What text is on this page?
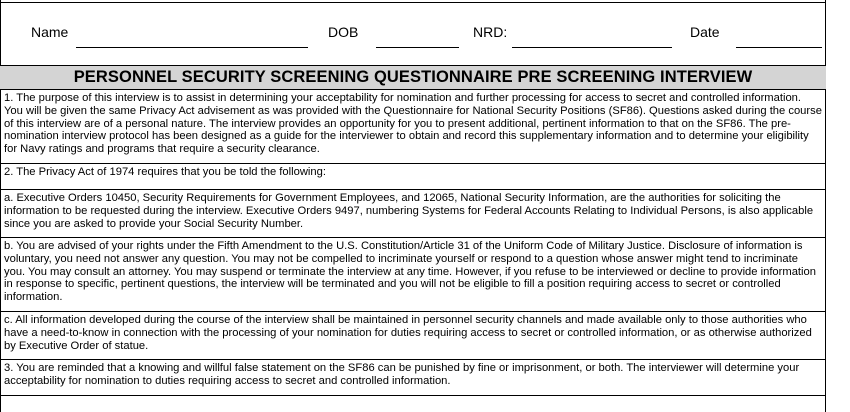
Name	DOB	NRD:	Date
PERSONNEL SECURITY SCREENING QUESTIONNAIRE PRE SCREENING INTERVIEW
1. The purpose of this interview is to assist in determining your acceptability for nomination and further processing for access to secret and controlled information. You will be given the same Privacy Act advisement as was provided with the Questionnaire for National Security Positions (SF86). Questions asked during the course of this interview are of a personal nature. The interview provides an opportunity for you to present additional, pertinent information to that on the SF86. The pre-nomination interview protocol has been designed as a guide for the interviewer to obtain and record this supplementary information and to determine your eligibility for Navy ratings and programs that require a security clearance.
2. The Privacy Act of 1974 requires that you be told the following:
a. Executive Orders 10450, Security Requirements for Government Employees, and 12065, National Security Information, are the authorities for soliciting the information to be requested during the interview. Executive Orders 9497, numbering Systems for Federal Accounts Relating to Individual Persons, is also applicable since you are asked to provide your Social Security Number.
b. You are advised of your rights under the Fifth Amendment to the U.S. Constitution/Article 31 of the Uniform Code of Military Justice. Disclosure of information is voluntary, you need not answer any question. You may not be compelled to incriminate yourself or respond to a question whose answer might tend to incriminate you. You may consult an attorney. You may suspend or terminate the interview at any time. However, if you refuse to be interviewed or decline to provide information in response to specific, pertinent questions, the interview will be terminated and you will not be eligible to fill a position requiring access to secret or controlled information.
c. All information developed during the course of the interview shall be maintained in personnel security channels and made available only to those authorities who have a need-to-know in connection with the processing of your nomination for duties requiring access to secret or controlled information, or as otherwise authorized by Executive Order of statue.
3. You are reminded that a knowing and willful false statement on the SF86 can be punished by fine or imprisonment, or both. The interviewer will determine your acceptability for nomination to duties requiring access to secret and controlled information.
